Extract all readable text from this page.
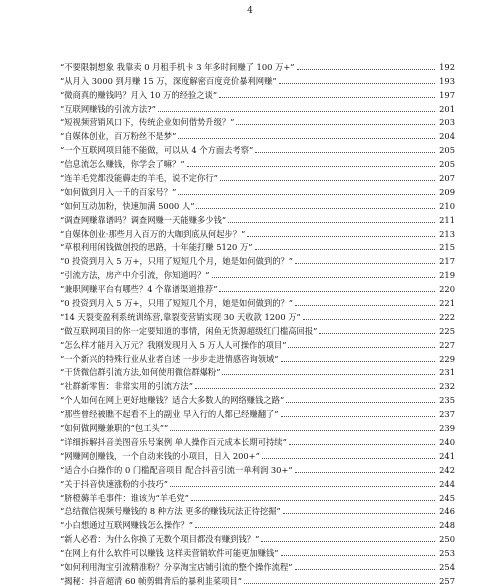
4
“不要限制想象 我靠卖 0 月租手机卡 3 年多时间赚了 100 万+”	192
“从月入 3000 到月赚 15 万，深度解密百度竞价暴利网赚”	193
“微商真的赚钱吗？月入 10 万的经验之谈”	197
“互联网赚钱的引流方法?”	201
“短视频营销风口下，传统企业如何借势升级？”	203
“自媒体创业，百万粉丝不是梦”	204
“一个互联网项目能不能做，可以从 4 个方面去考察”	205
“信息流怎么赚钱，你学会了嘛？”	205
“连羊毛党都没能薅走的羊毛，说不定你行”	207
“如何做到月入一千的百家号？”	209
“如何互动加粉，快速加满 5000 人”	210
“调查网赚靠谱吗？调查网赚一天能赚多少钱”	211
“自媒体创业·那些月入百万的大咖到底从何起步？”	213
“草根利用闲钱做创投的思路，十年能打赚 5120 万”	215
“0 投资到月入 5 万+，只用了短短几个月，她是如何做到的？”	217
“引流方法，房产中介引流，你知道吗？”	219
“兼职网赚平台有哪些？4 个靠谱渠道推荐”	220
“0 投资到月入 5 万+，只用了短短几个月，她是如何做到的？”	221
“14 天裂变盈利系统训练营,靠裂变营销实现 30 天收款 1200 万”	222
“做互联网项目的你一定要知道的事情，闲鱼无货源超级红门槛高回报”	225
“怎么样才能月入万元？我刚发现月入 5 万人人可操作的项目”	227
“一个新兴的特殊行业从业者自述 一步步走进情感咨询领域”	229
“干货微信群引流方法,如何使用微信群爆粉”	231
“社群新零售：非常实用的引流方法”	232
“个人如何在网上更好地赚钱？适合大多数人的网络赚钱之路”	235
“那些曾经被瞧不起看不上的副业 早入行的人都已经赚翻了”	237
“如何做网赚兼职的“包工头””	239
“详细拆解抖音美图音乐号案例 单人操作百元成本长期可持续”	240
“网赚网创赚钱，一个自动来钱的小项目，日入 200+”	241
“适合小白操作的 0 门槛配音项目 配合抖音引流一单利润 30+”	242
“关于抖音快速涨粉的小技巧”	244
“脐橙薅羊毛事件：谁该为“羊毛党”	245
“总结微信视频号赚钱的 8 种方法 更多的赚钱玩法正待挖掘”	246
“小白想通过互联网赚钱怎么操作？”	248
“新人必看：为什么你换了无数个项目都没有赚到钱？”	250
“在网上有什么软件可以赚钱 这样卖营销软件可能更加赚钱”	253
“如何利用淘宝引流精准粉？分享淘宝店铺引流的整个操作流程”	254
“揭秘：抖音超清 60 帧剪辑背后的暴利韭菜项目”	257
